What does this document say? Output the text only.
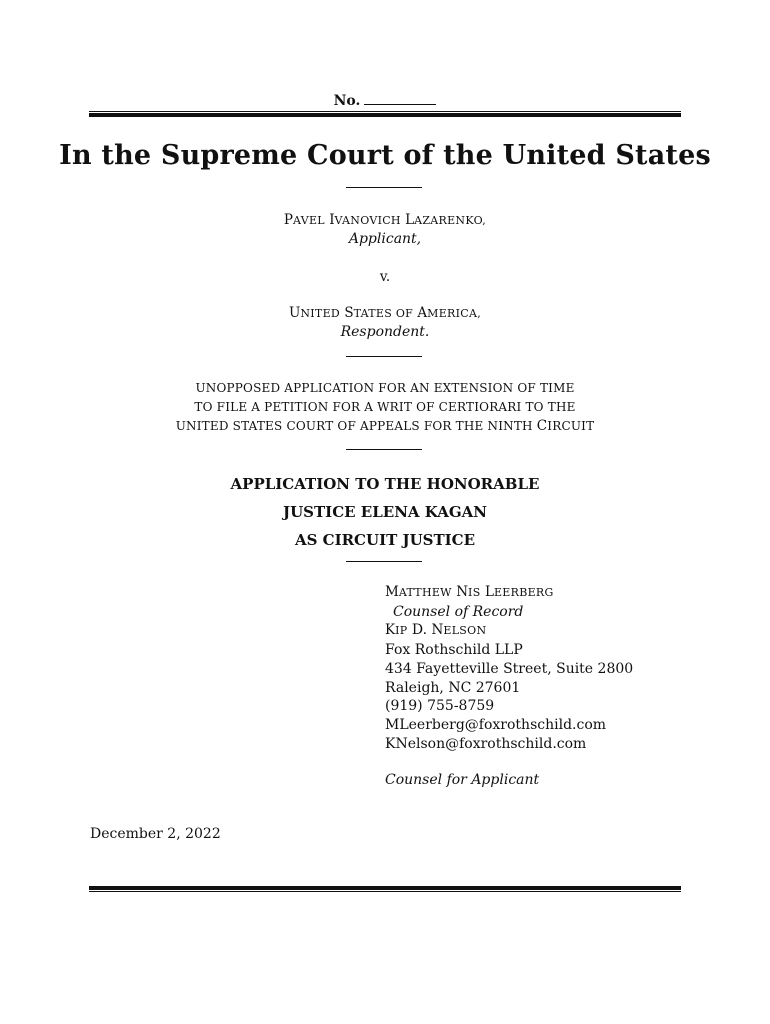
No.
In the Supreme Court of the United States
PAVEL IVANOVICH LAZARENKO,
Applicant,
v.
UNITED STATES OF AMERICA,
Respondent.
UNOPPOSED APPLICATION FOR AN EXTENSION OF TIME
TO FILE A PETITION FOR A WRIT OF CERTIORARI TO THE
UNITED STATES COURT OF APPEALS FOR THE NINTH CIRCUIT
APPLICATION TO THE HONORABLE
JUSTICE ELENA KAGAN
AS CIRCUIT JUSTICE
MATTHEW NIS LEERBERG
Counsel of Record
KIP D. NELSON
Fox Rothschild LLP
434 Fayetteville Street, Suite 2800
Raleigh, NC 27601
(919) 755-8759
MLeerberg@foxrothschild.com
KNelson@foxrothschild.com
Counsel for Applicant
December 2, 2022
